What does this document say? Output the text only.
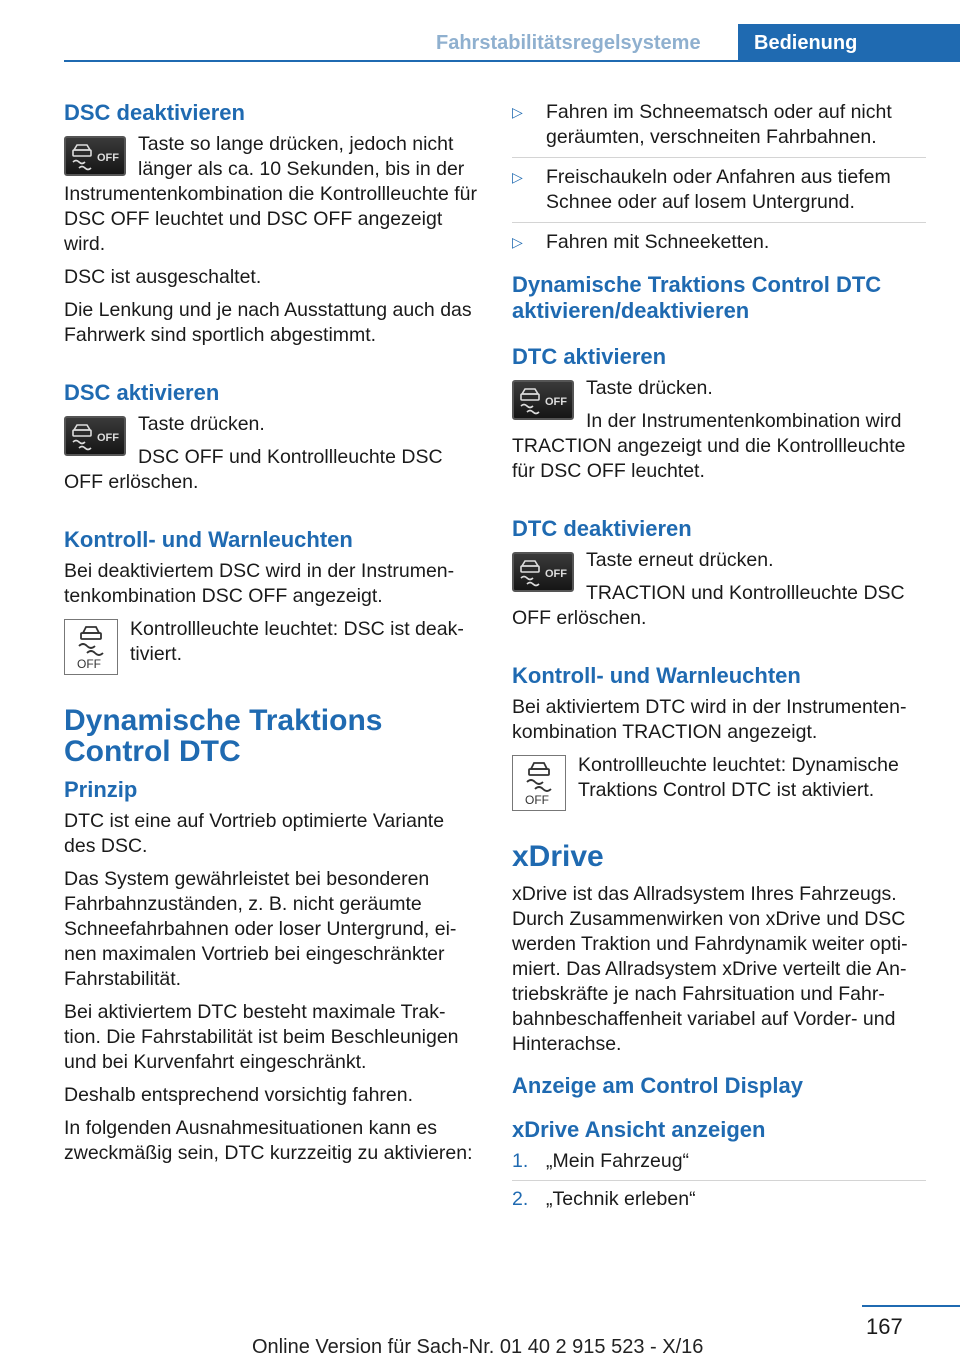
Fahrstabilitätsregelsysteme	Bedienung
DSC deaktivieren
OFF

Taste so lange drücken, jedoch nicht länger als ca. 10 Sekunden, bis in der Instrumentenkombination die Kontrollleuchte für DSC OFF leuchtet und DSC OFF angezeigt wird.

DSC ist ausgeschaltet.

Die Lenkung und je nach Ausstattung auch das Fahrwerk sind sportlich abgestimmt.

DSC aktivieren
OFF

Taste drücken.

DSC OFF und Kontrollleuchte DSC OFF erlöschen.

Kontroll- und Warnleuchten

Bei deaktiviertem DSC wird in der Instrumen-tenkombination DSC OFF angezeigt.

OFF

Kontrollleuchte leuchtet: DSC ist deak-tiviert.

Dynamische Traktions Control DTC
Prinzip

DTC ist eine auf Vortrieb optimierte Variante des DSC.

Das System gewährleistet bei besonderen Fahrbahnzuständen, z. B. nicht geräumte Schneefahrbahnen oder loser Untergrund, ei-nen maximalen Vortrieb bei eingeschränkter Fahrstabilität.

Bei aktiviertem DTC besteht maximale Trak-tion. Die Fahrstabilität ist beim Beschleunigen und bei Kurvenfahrt eingeschränkt.

Deshalb entsprechend vorsichtig fahren.

In folgenden Ausnahmesituationen kann es zweckmäßig sein, DTC kurzzeitig zu aktivieren:

▷ Fahren im Schneematsch oder auf nicht geräumten, verschneiten Fahrbahnen.
▷ Freischaukeln oder Anfahren aus tiefem Schnee oder auf losem Untergrund.
▷ Fahren mit Schneeketten.
Dynamische Traktions Control DTC aktivieren/deaktivieren
DTC aktivieren
OFF

Taste drücken.

In der Instrumentenkombination wird TRACTION angezeigt und die Kontrollleuchte für DSC OFF leuchtet.

DTC deaktivieren
OFF

Taste erneut drücken.

TRACTION und Kontrollleuchte DSC OFF erlöschen.

Kontroll- und Warnleuchten

Bei aktiviertem DTC wird in der Instrumenten-kombination TRACTION angezeigt.

OFF

Kontrollleuchte leuchtet: Dynamische Traktions Control DTC ist aktiviert.

xDrive

xDrive ist das Allradsystem Ihres Fahrzeugs. Durch Zusammenwirken von xDrive und DSC werden Traktion und Fahrdynamik weiter opti-miert. Das Allradsystem xDrive verteilt die An-triebskräfte je nach Fahrsituation und Fahr-bahnbeschaffenheit variabel auf Vorder- und Hinterachse.

Anzeige am Control Display
xDrive Ansicht anzeigen
1. „Mein Fahrzeug“
2. „Technik erleben“
167
Online Version für Sach-Nr. 01 40 2 915 523 - X/16
